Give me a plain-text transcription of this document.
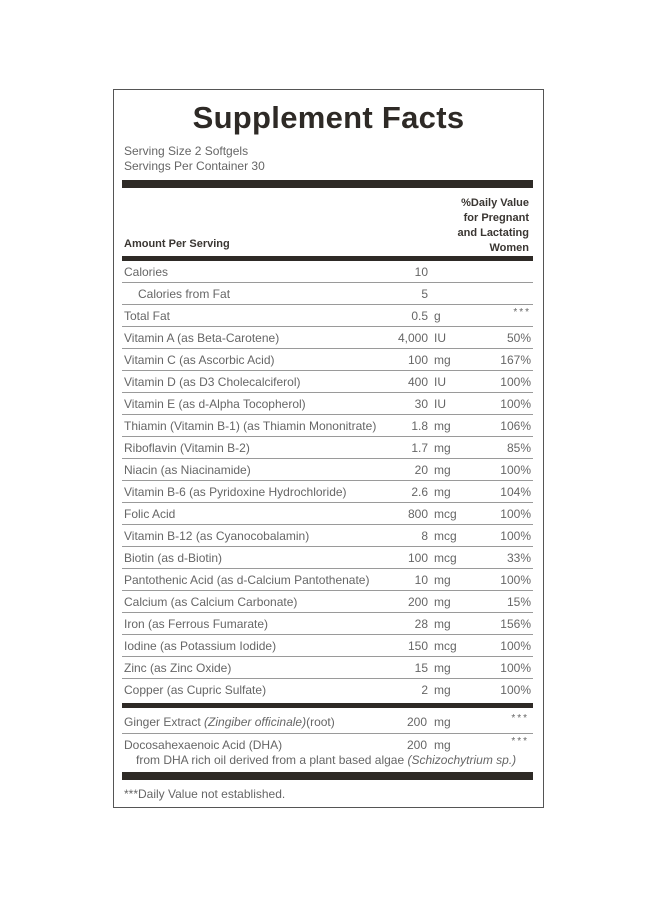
Supplement Facts
Serving Size 2 Softgels
Servings Per Container 30
%Daily Value
for Pregnant
and Lactating
Women
Amount Per Serving
Calories	10
Calories from Fat	5
Total Fat	0.5 g	***
Vitamin A (as Beta-Carotene)	4,000 IU	50%
Vitamin C (as Ascorbic Acid)	100 mg	167%
Vitamin D (as D3 Cholecalciferol)	400 IU	100%
Vitamin E (as d-Alpha Tocopherol)	30 IU	100%
Thiamin (Vitamin B-1) (as Thiamin Mononitrate)	1.8 mg	106%
Riboflavin (Vitamin B-2)	1.7 mg	85%
Niacin (as Niacinamide)	20 mg	100%
Vitamin B-6 (as Pyridoxine Hydrochloride)	2.6 mg	104%
Folic Acid	800 mcg	100%
Vitamin B-12 (as Cyanocobalamin)	8 mcg	100%
Biotin (as d-Biotin)	100 mcg	33%
Pantothenic Acid (as d-Calcium Pantothenate)	10 mg	100%
Calcium (as Calcium Carbonate)	200 mg	15%
Iron (as Ferrous Fumarate)	28 mg	156%
Iodine (as Potassium Iodide)	150 mcg	100%
Zinc (as Zinc Oxide)	15 mg	100%
Copper (as Cupric Sulfate)	2 mg	100%
Ginger Extract (Zingiber officinale)(root)	200 mg	***
Docosahexaenoic Acid (DHA)	200 mg	***
from DHA rich oil derived from a plant based algae (Schizochytrium sp.)
***Daily Value not established.
